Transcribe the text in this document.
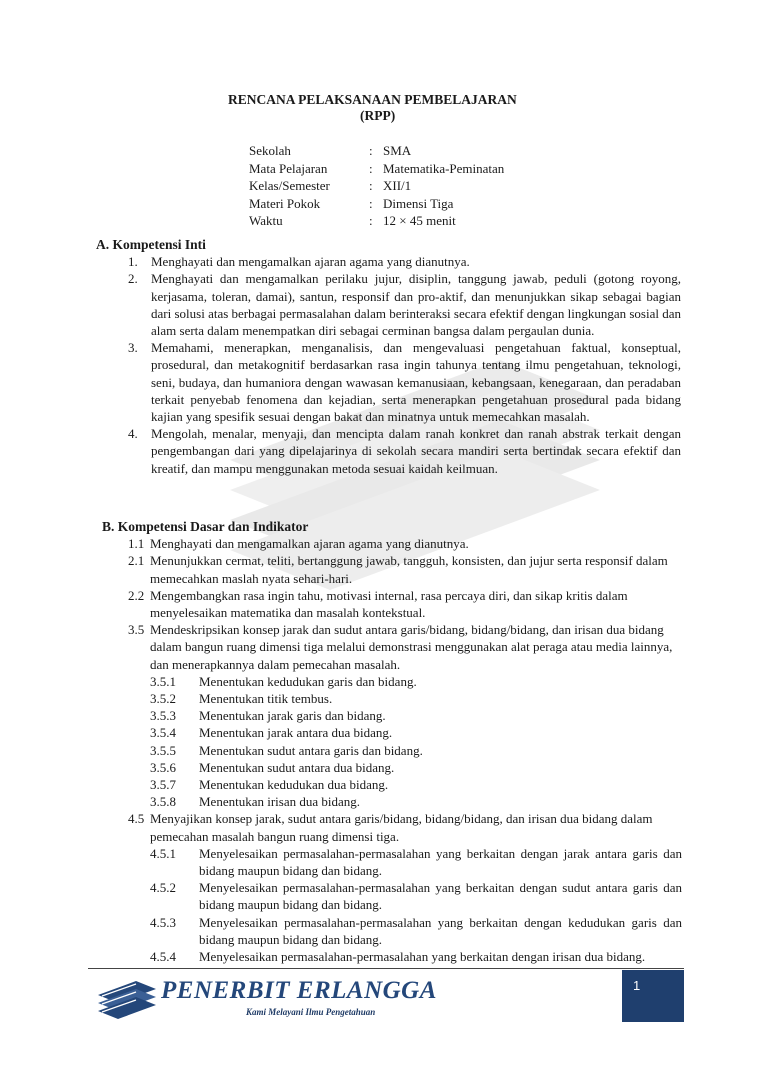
RENCANA PELAKSANAAN PEMBELAJARAN
(RPP)
Sekolah	: SMA
Mata Pelajaran	: Matematika-Peminatan
Kelas/Semester	: XII/1
Materi Pokok	: Dimensi Tiga
Waktu	: 12 × 45 menit
A. Kompetensi Inti
1.	Menghayati dan mengamalkan ajaran agama yang dianutnya.
2.	Menghayati dan mengamalkan perilaku jujur, disiplin, tanggung jawab, peduli (gotong royong, kerjasama, toleran, damai), santun, responsif dan pro-aktif, dan menunjukkan sikap sebagai bagian dari solusi atas berbagai permasalahan dalam berinteraksi secara efektif dengan lingkungan sosial dan alam serta dalam menempatkan diri sebagai cerminan bangsa dalam pergaulan dunia.
3.	Memahami, menerapkan, menganalisis, dan mengevaluasi pengetahuan faktual, konseptual, prosedural, dan metakognitif berdasarkan rasa ingin tahunya tentang ilmu pengetahuan, teknologi, seni, budaya, dan humaniora dengan wawasan kemanusiaan, kebangsaan, kenegaraan, dan peradaban terkait penyebab fenomena dan kejadian, serta menerapkan pengetahuan prosedural pada bidang kajian yang spesifik sesuai dengan bakat dan minatnya untuk memecahkan masalah.
4.	Mengolah, menalar, menyaji, dan mencipta dalam ranah konkret dan ranah abstrak terkait dengan pengembangan dari yang dipelajarinya di sekolah secara mandiri serta bertindak secara efektif dan kreatif, dan mampu menggunakan metoda sesuai kaidah keilmuan.
B. Kompetensi Dasar dan Indikator
1.1 Menghayati dan mengamalkan ajaran agama yang dianutnya.
2.1 Menunjukkan cermat, teliti, bertanggung jawab, tangguh, konsisten, dan jujur serta responsif dalam memecahkan maslah nyata sehari-hari.
2.2 Mengembangkan rasa ingin tahu, motivasi internal, rasa percaya diri, dan sikap kritis dalam menyelesaikan matematika dan masalah kontekstual.
3.5 Mendeskripsikan konsep jarak dan sudut antara garis/bidang, bidang/bidang, dan irisan dua bidang dalam bangun ruang dimensi tiga melalui demonstrasi menggunakan alat peraga atau media lainnya, dan menerapkannya dalam pemecahan masalah.
3.5.1	Menentukan kedudukan garis dan bidang.
3.5.2	Menentukan titik tembus.
3.5.3	Menentukan jarak garis dan bidang.
3.5.4	Menentukan jarak antara dua bidang.
3.5.5	Menentukan sudut antara garis dan bidang.
3.5.6	Menentukan sudut antara dua bidang.
3.5.7	Menentukan kedudukan dua bidang.
3.5.8	Menentukan irisan dua bidang.
4.5 Menyajikan konsep jarak, sudut antara garis/bidang, bidang/bidang, dan irisan dua bidang dalam pemecahan masalah bangun ruang dimensi tiga.
4.5.1	Menyelesaikan permasalahan-permasalahan yang berkaitan dengan jarak antara garis dan bidang maupun bidang dan bidang.
4.5.2	Menyelesaikan permasalahan-permasalahan yang berkaitan dengan sudut antara garis dan bidang maupun bidang dan bidang.
4.5.3	Menyelesaikan permasalahan-permasalahan yang berkaitan dengan kedudukan garis dan bidang maupun bidang dan bidang.
4.5.4	Menyelesaikan permasalahan-permasalahan yang berkaitan dengan irisan dua bidang.
PENERBIT ERLANGGA
Kami Melayani Ilmu Pengetahuan
1
